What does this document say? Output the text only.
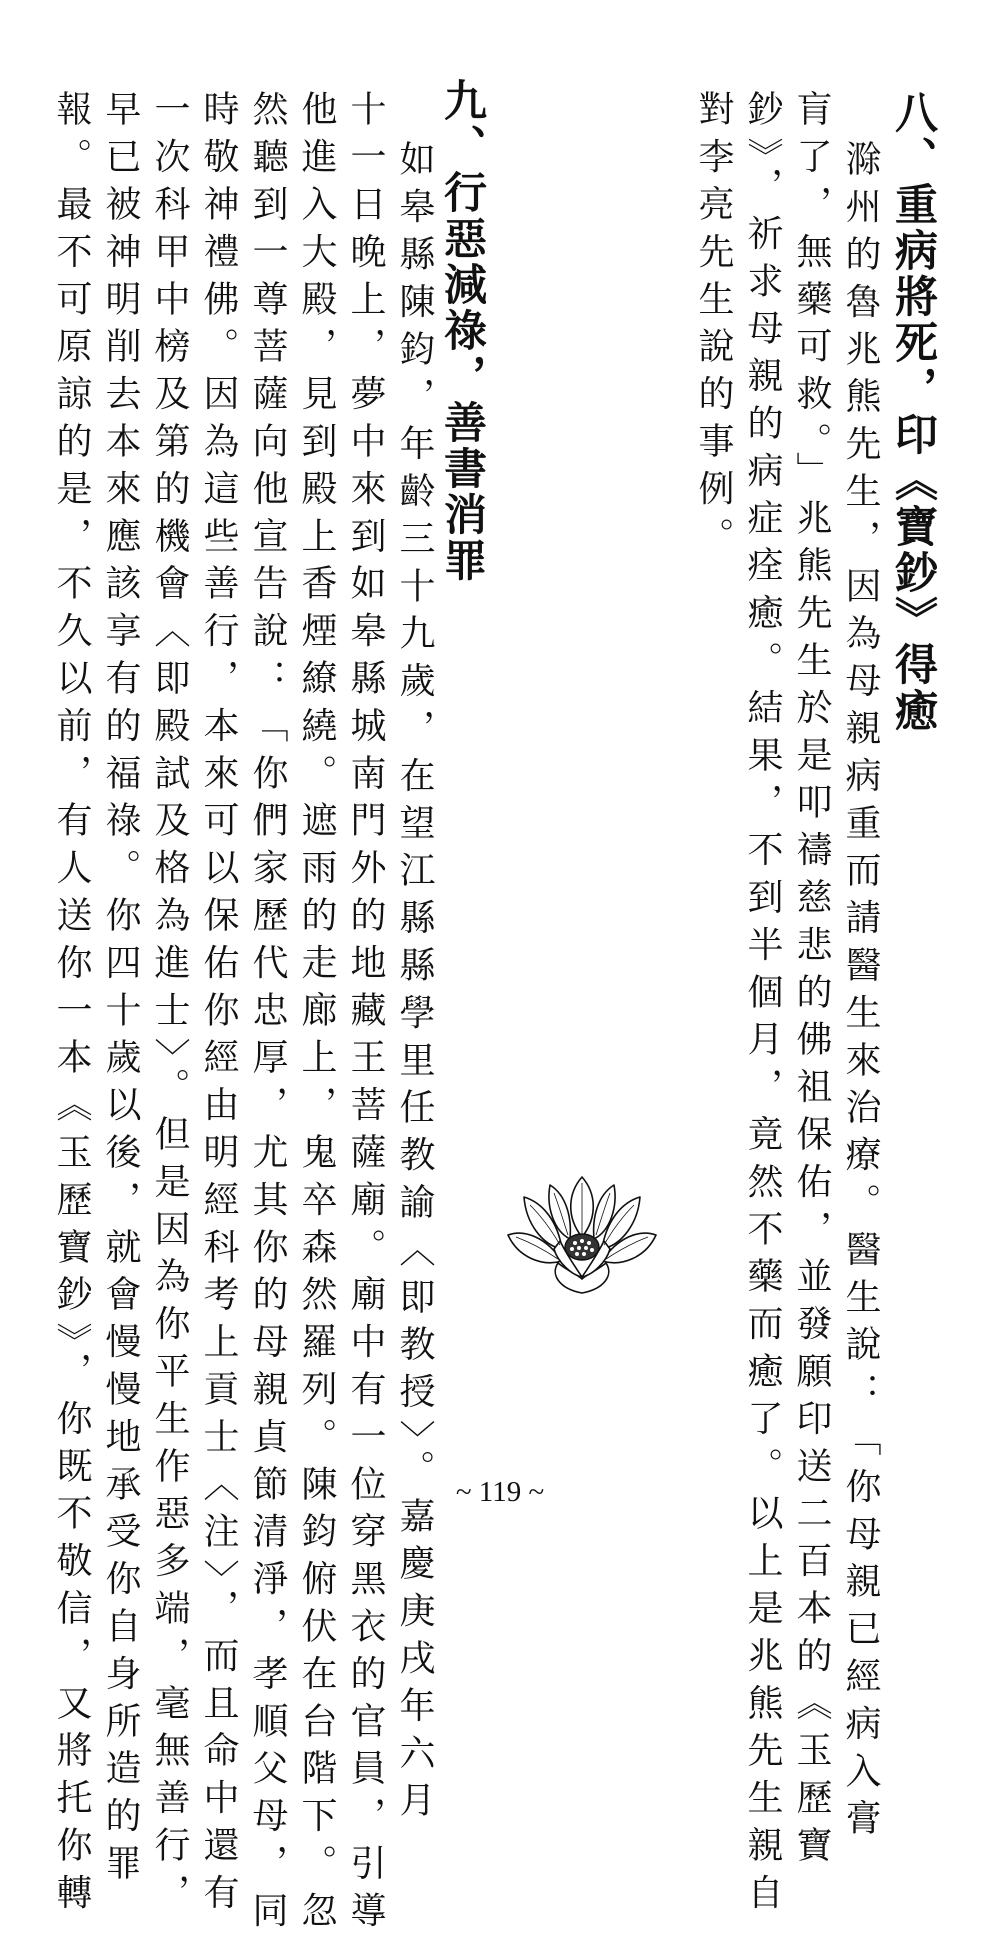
八、重病將死，印《寶鈔》得癒
滁州的魯兆熊先生，因為母親病重而請醫生來治療。醫生說：「你母親已經病入膏
肓了，無藥可救。」兆熊先生於是叩禱慈悲的佛祖保佑，並發願印送二百本的《玉歷寶
鈔》，祈求母親的病症痊癒。結果，不到半個月，竟然不藥而癒了。以上是兆熊先生親自
對李亮先生說的事例。
九、行惡減祿，善書消罪
如皋縣陳鈞，年齡三十九歲，在望江縣縣學里任教諭〈即教授〉。嘉慶庚戌年六月
十一日晚上，夢中來到如皋縣城南門外的地藏王菩薩廟。廟中有一位穿黑衣的官員，引導
他進入大殿，見到殿上香煙繚繞。遮雨的走廊上，鬼卒森然羅列。陳鈞俯伏在台階下。忽
然聽到一尊菩薩向他宣告說：「你們家歷代忠厚，尤其你的母親貞節清淨，孝順父母，同
時敬神禮佛。因為這些善行，本來可以保佑你經由明經科考上貢士〈注〉，而且命中還有
一次科甲中榜及第的機會〈即殿試及格為進士〉。但是因為你平生作惡多端，毫無善行，
早已被神明削去本來應該享有的福祿。你四十歲以後，就會慢慢地承受你自身所造的罪
報。最不可原諒的是，不久以前，有人送你一本《玉歷寶鈔》，你既不敬信，又將托你轉	~ 119 ~
